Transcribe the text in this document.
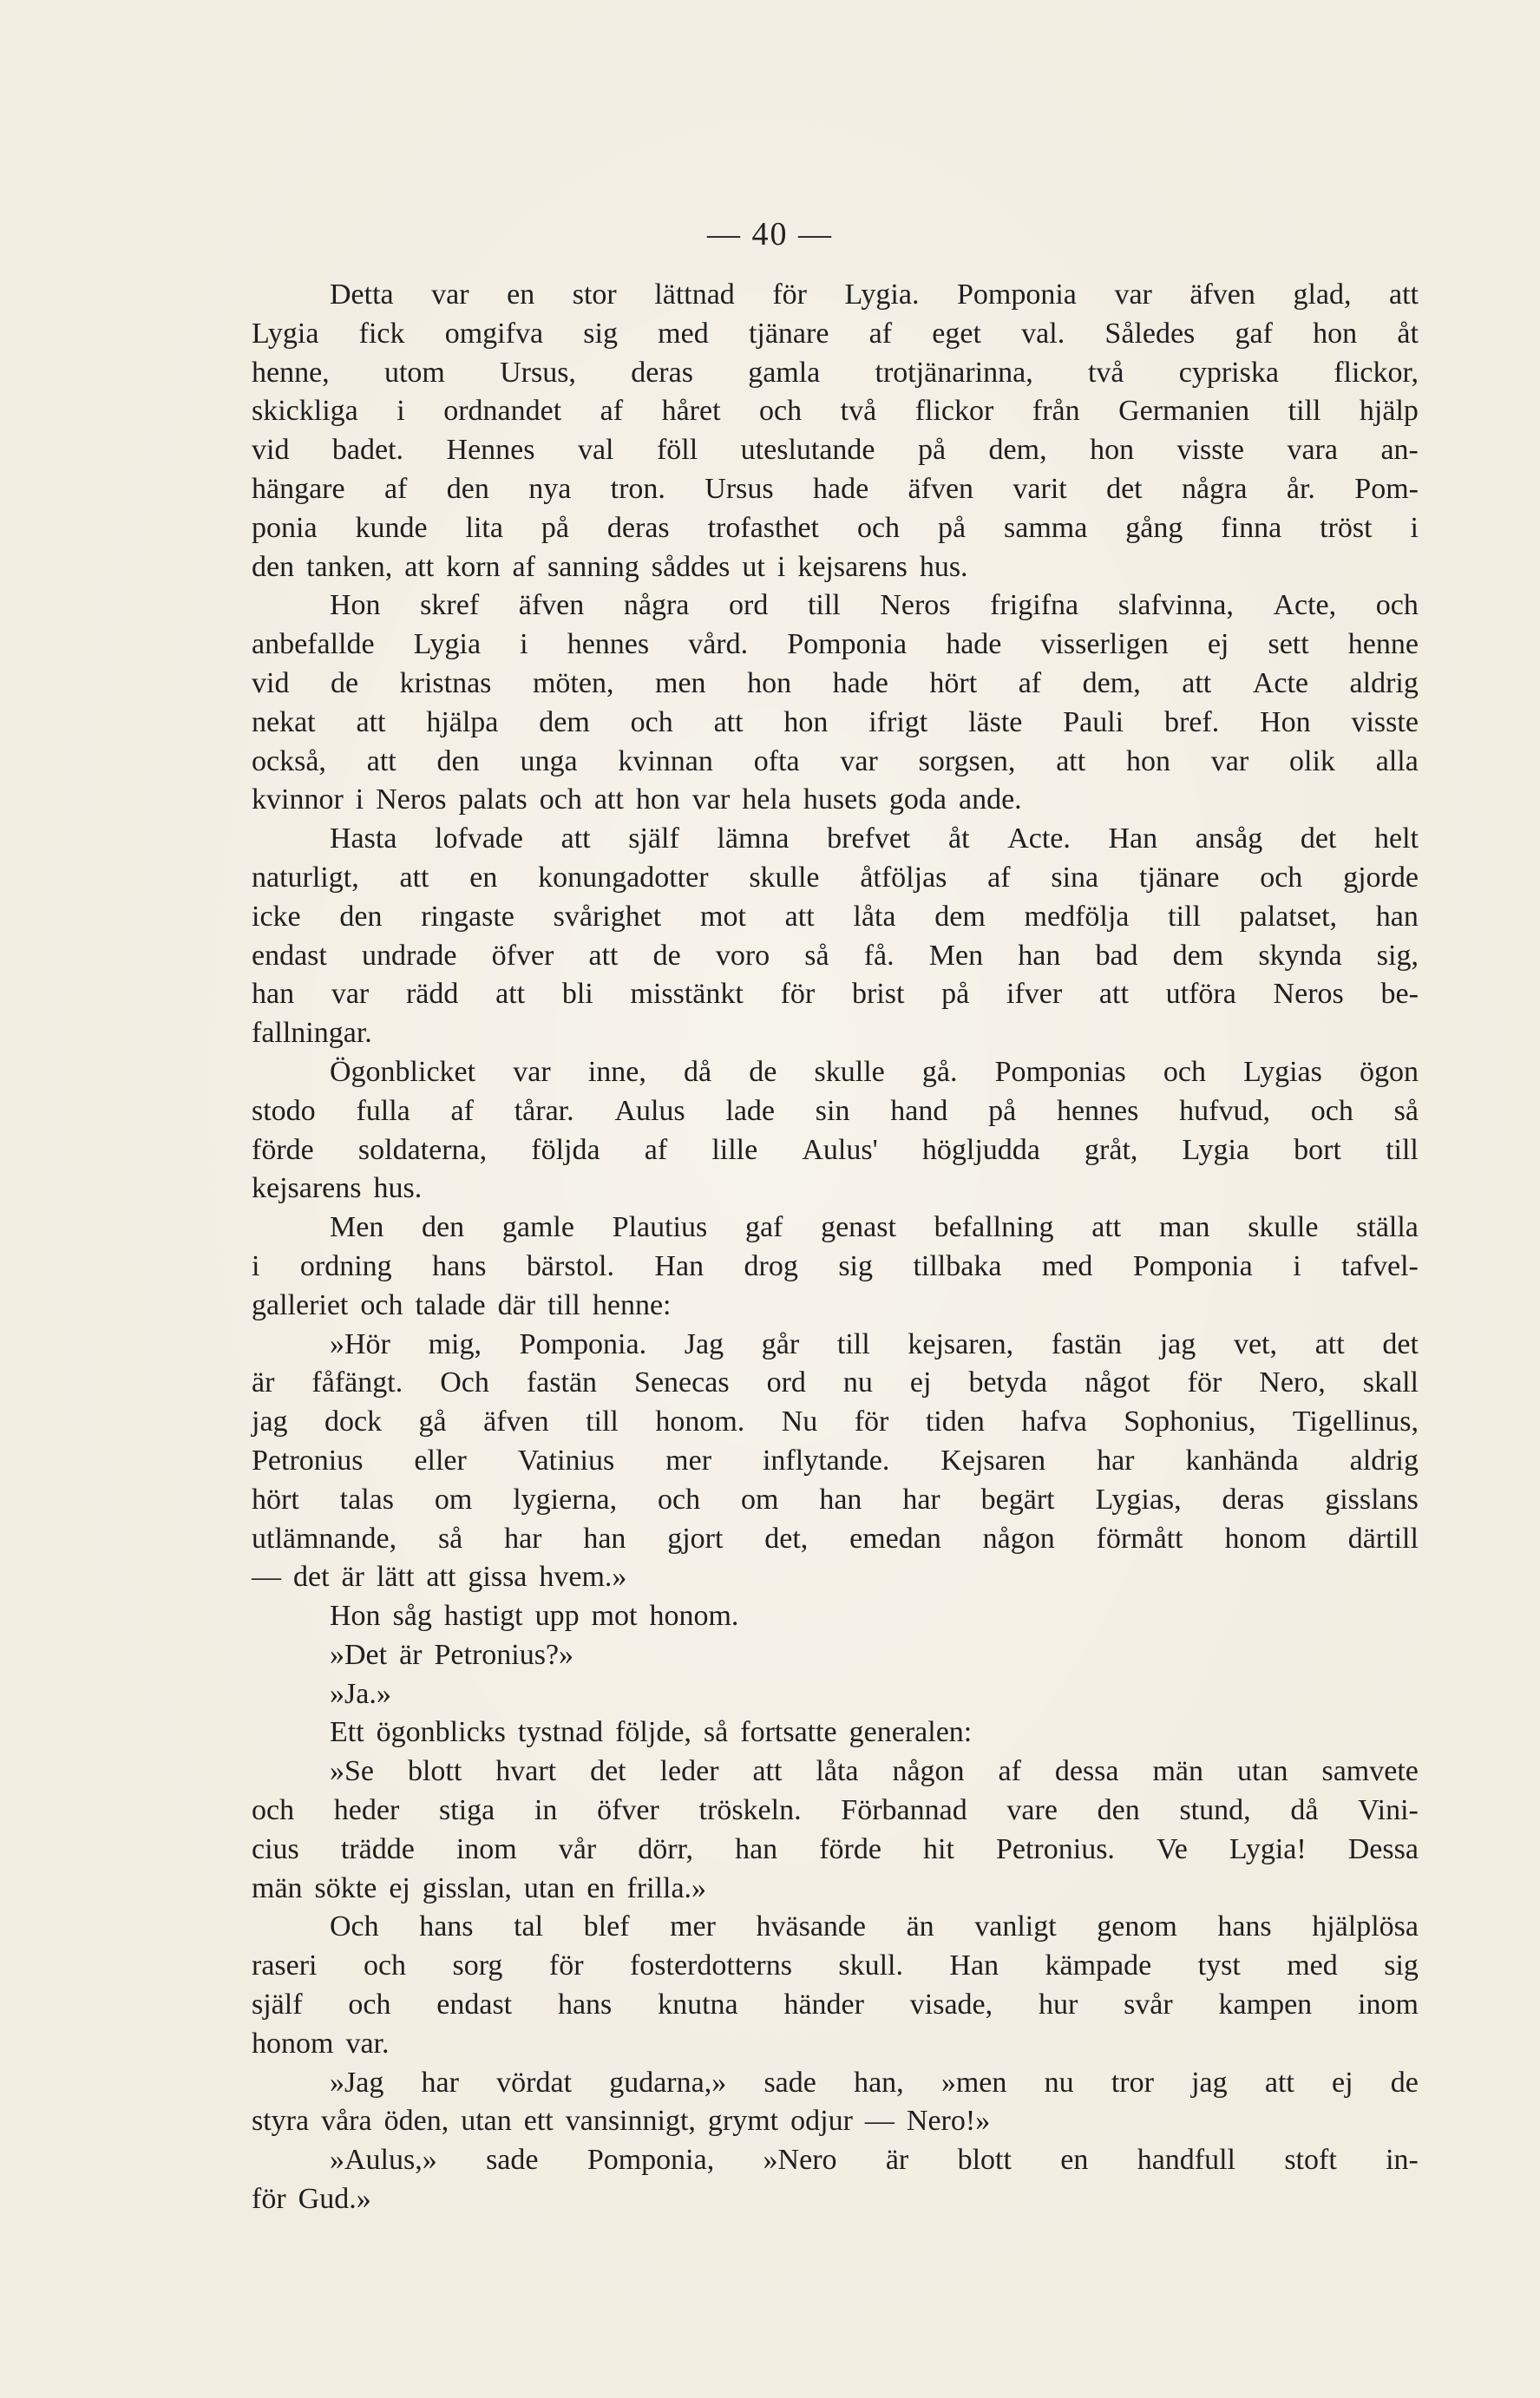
— 40 —
Detta var en stor lättnad för Lygia. Pomponia var äfven glad, att
Lygia fick omgifva sig med tjänare af eget val. Således gaf hon åt
henne, utom Ursus, deras gamla trotjänarinna, två cypriska flickor,
skickliga i ordnandet af håret och två flickor från Germanien till hjälp
vid badet. Hennes val föll uteslutande på dem, hon visste vara an-
hängare af den nya tron. Ursus hade äfven varit det några år. Pom-
ponia kunde lita på deras trofasthet och på samma gång finna tröst i
den tanken, att korn af sanning såddes ut i kejsarens hus.
Hon skref äfven några ord till Neros frigifna slafvinna, Acte, och
anbefallde Lygia i hennes vård. Pomponia hade visserligen ej sett henne
vid de kristnas möten, men hon hade hört af dem, att Acte aldrig
nekat att hjälpa dem och att hon ifrigt läste Pauli bref. Hon visste
också, att den unga kvinnan ofta var sorgsen, att hon var olik alla
kvinnor i Neros palats och att hon var hela husets goda ande.
Hasta lofvade att själf lämna brefvet åt Acte. Han ansåg det helt
naturligt, att en konungadotter skulle åtföljas af sina tjänare och gjorde
icke den ringaste svårighet mot att låta dem medfölja till palatset, han
endast undrade öfver att de voro så få. Men han bad dem skynda sig,
han var rädd att bli misstänkt för brist på ifver att utföra Neros be-
fallningar.
Ögonblicket var inne, då de skulle gå. Pomponias och Lygias ögon
stodo fulla af tårar. Aulus lade sin hand på hennes hufvud, och så
förde soldaterna, följda af lille Aulus' högljudda gråt, Lygia bort till
kejsarens hus.
Men den gamle Plautius gaf genast befallning att man skulle ställa
i ordning hans bärstol. Han drog sig tillbaka med Pomponia i tafvel-
galleriet och talade där till henne:
»Hör mig, Pomponia. Jag går till kejsaren, fastän jag vet, att det
är fåfängt. Och fastän Senecas ord nu ej betyda något för Nero, skall
jag dock gå äfven till honom. Nu för tiden hafva Sophonius, Tigellinus,
Petronius eller Vatinius mer inflytande. Kejsaren har kanhända aldrig
hört talas om lygierna, och om han har begärt Lygias, deras gisslans
utlämnande, så har han gjort det, emedan någon förmått honom därtill
— det är lätt att gissa hvem.»
Hon såg hastigt upp mot honom.
»Det är Petronius?»
»Ja.»
Ett ögonblicks tystnad följde, så fortsatte generalen:
»Se blott hvart det leder att låta någon af dessa män utan samvete
och heder stiga in öfver tröskeln. Förbannad vare den stund, då Vini-
cius trädde inom vår dörr, han förde hit Petronius. Ve Lygia! Dessa
män sökte ej gisslan, utan en frilla.»
Och hans tal blef mer hväsande än vanligt genom hans hjälplösa
raseri och sorg för fosterdotterns skull. Han kämpade tyst med sig
själf och endast hans knutna händer visade, hur svår kampen inom
honom var.
»Jag har vördat gudarna,» sade han, »men nu tror jag att ej de
styra våra öden, utan ett vansinnigt, grymt odjur — Nero!»
»Aulus,» sade Pomponia, »Nero är blott en handfull stoft in-
för Gud.»
